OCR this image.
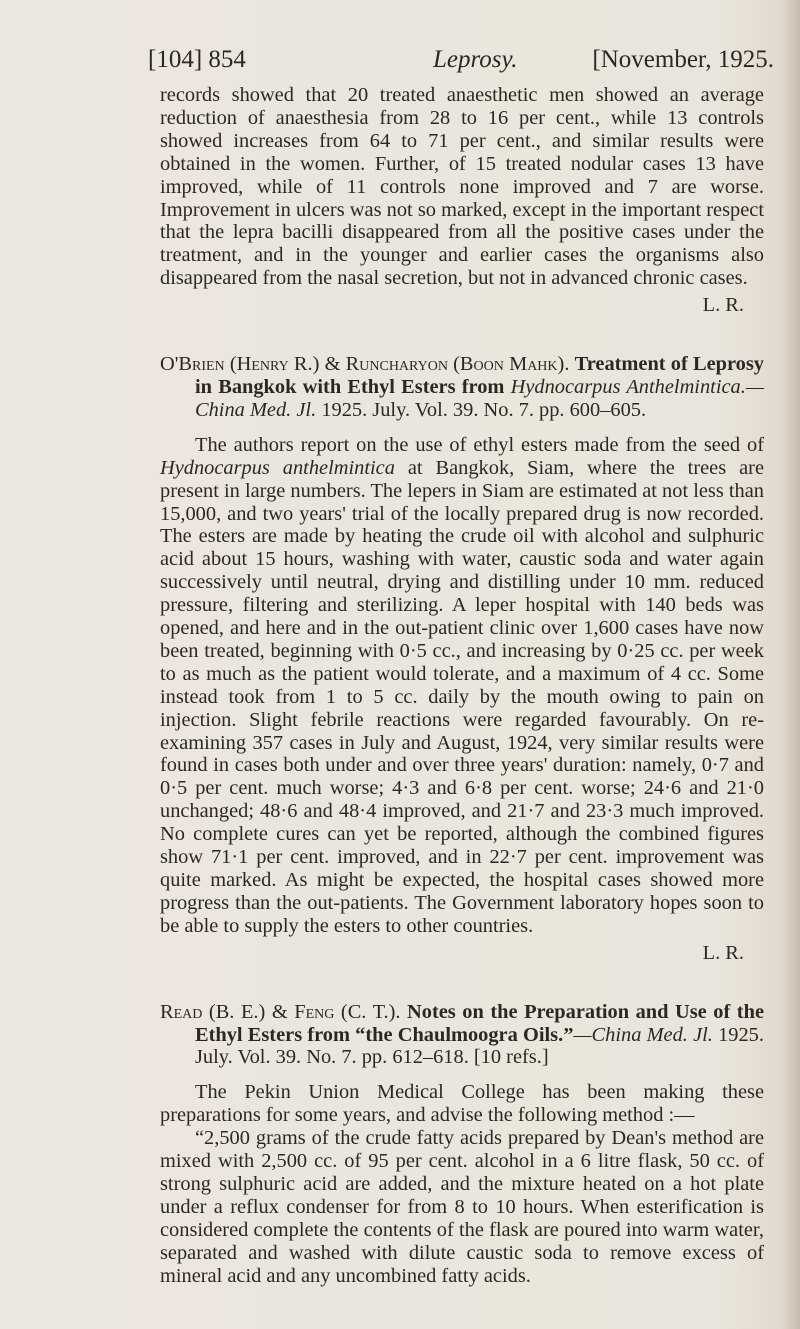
[104] 854	Leprosy.	[November, 1925.

records showed that 20 treated anaesthetic men showed an average reduction of anaesthesia from 28 to 16 per cent., while 13 controls showed increases from 64 to 71 per cent., and similar results were obtained in the women. Further, of 15 treated nodular cases 13 have improved, while of 11 controls none improved and 7 are worse. Improvement in ulcers was not so marked, except in the important respect that the lepra bacilli disappeared from all the positive cases under the treatment, and in the younger and earlier cases the organisms also disappeared from the nasal secretion, but not in advanced chronic cases.

L. R.

O'Brien (Henry R.) & Runcharyon (Boon Mahk). Treatment of Leprosy in Bangkok with Ethyl Esters from Hydnocarpus Anthelmintica.—China Med. Jl. 1925. July. Vol. 39. No. 7. pp. 600–605.

The authors report on the use of ethyl esters made from the seed of Hydnocarpus anthelmintica at Bangkok, Siam, where the trees are present in large numbers. The lepers in Siam are estimated at not less than 15,000, and two years' trial of the locally prepared drug is now recorded. The esters are made by heating the crude oil with alcohol and sulphuric acid about 15 hours, washing with water, caustic soda and water again successively until neutral, drying and distilling under 10 mm. reduced pressure, filtering and sterilizing. A leper hospital with 140 beds was opened, and here and in the out-patient clinic over 1,600 cases have now been treated, beginning with 0·5 cc., and increasing by 0·25 cc. per week to as much as the patient would tolerate, and a maximum of 4 cc. Some instead took from 1 to 5 cc. daily by the mouth owing to pain on injection. Slight febrile reactions were regarded favourably. On re-examining 357 cases in July and August, 1924, very similar results were found in cases both under and over three years' duration: namely, 0·7 and 0·5 per cent. much worse; 4·3 and 6·8 per cent. worse; 24·6 and 21·0 unchanged; 48·6 and 48·4 improved, and 21·7 and 23·3 much improved. No complete cures can yet be reported, although the combined figures show 71·1 per cent. improved, and in 22·7 per cent. improvement was quite marked. As might be expected, the hospital cases showed more progress than the out-patients. The Government laboratory hopes soon to be able to supply the esters to other countries.

L. R.

Read (B. E.) & Feng (C. T.). Notes on the Preparation and Use of the Ethyl Esters from “the Chaulmoogra Oils.”—China Med. Jl. 1925. July. Vol. 39. No. 7. pp. 612–618. [10 refs.]

The Pekin Union Medical College has been making these preparations for some years, and advise the following method :—

“2,500 grams of the crude fatty acids prepared by Dean's method are mixed with 2,500 cc. of 95 per cent. alcohol in a 6 litre flask, 50 cc. of strong sulphuric acid are added, and the mixture heated on a hot plate under a reflux condenser for from 8 to 10 hours. When esterification is considered complete the contents of the flask are poured into warm water, separated and washed with dilute caustic soda to remove excess of mineral acid and any uncombined fatty acids.
